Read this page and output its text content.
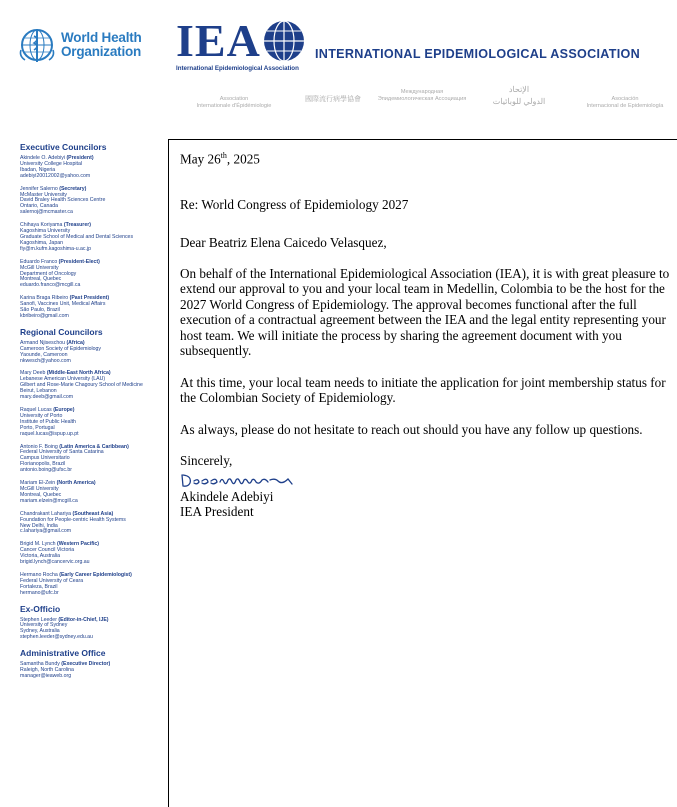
World Health
Organization IEA
International Epidemiological Association
INTERNATIONAL EPIDEMIOLOGICAL ASSOCIATION
Association
Internationale d'Épidémiologie
國際流行病學協會
Международная
Эпидемиологическая Ассоциация
الإتحاد
الدولي للوبائيات	Asociación
Internacional de Epidemiología
Executive Councilors
Akindele O. Adebiyi (President)
University College Hospital
Ibadan, Nigeria
adebiyi2001200​2@yahoo.com
Jennifer Salerno (Secretary)
McMaster University
David Braley Health Sciences Centre
Ontario, Canada
salernoj@mcmaster.ca
Chihaya Koriyama (Treasurer)
Kagoshima University
Graduate School of Medical and Dental Sciences
Kagoshima, Japan
fiy@m.kufm.kagoshima-u.ac.jp
Eduardo Franco (President-Elect)
McGill University
Department of Oncology
Montreal, Quebec
eduardo.franco@mcgill.ca
Karina Braga Ribeiro (Past President)
Sanofi, Vaccines Unit, Medical Affairs
São Paulo, Brazil
kbribeiro@gmail.com
Regional Councilors
Armand Njiseschou (Africa)
Cameroon Society of Epidemiology
Yaounde, Cameroon
nkwesch@yahoo.com
Mary Deeb (Middle-East North Africa)
Lebanese American University (LAU)
Gilbert and Rose-Marie Chagoury School of Medicine
Beirut, Lebanon
mary.deeb@gmail.com
Raquel Lucas (Europe)
University of Porto
Institute of Public Health
Porto, Portugal
raquel.lucas@ispup.up.pt
Antonio F. Boing (Latin America & Caribbean)
Federal University of Santa Catarina
Campus Universitario
Florianopolis, Brazil
antonio.boing@ufsc.br
Mariam El-Zein (North America)
McGill University
Montreal, Quebec
mariam.elzein@mcgill.ca
Chandrakant Lahariya (Southeast Asia)
Foundation for People-centric Health Systems
New Delhi, India
c.lahariya@gmail.com
Brigid M. Lynch (Western Pacific)
Cancer Council Victoria
Victoria, Australia
brigid.lynch@cancervic.org.au
Hermano Rocha (Early Career Epidemiologist)
Federal University of Ceara
Fortaleza, Brazil
hermano@ufc.br
Ex-Officio
Stephen Leeder (Editor-in-Chief, IJE)
University of Sydney
Sydney, Australia
stephen.leeder@sydney.edu.au
Administrative Office
Samantha Bundy (Executive Director)
Raleigh, North Carolina
manager@ieaweb.org

May 26th, 2025

Re: World Congress of Epidemiology 2027

Dear Beatriz Elena Caicedo Velasquez,

On behalf of the International Epidemiological Association (IEA), it is with great pleasure to extend our approval to you and your local team in Medellin, Colombia to be the host for the 2027 World Congress of Epidemiology. The approval becomes functional after the full execution of a contractual agreement between the IEA and the legal entity representing your host team. We will initiate the process by sharing the agreement document with you subsequently.

At this time, your local team needs to initiate the application for joint membership status for the Colombian Society of Epidemiology.

As always, please do not hesitate to reach out should you have any follow up questions.

Sincerely,

Akindele Adebiyi

IEA President
